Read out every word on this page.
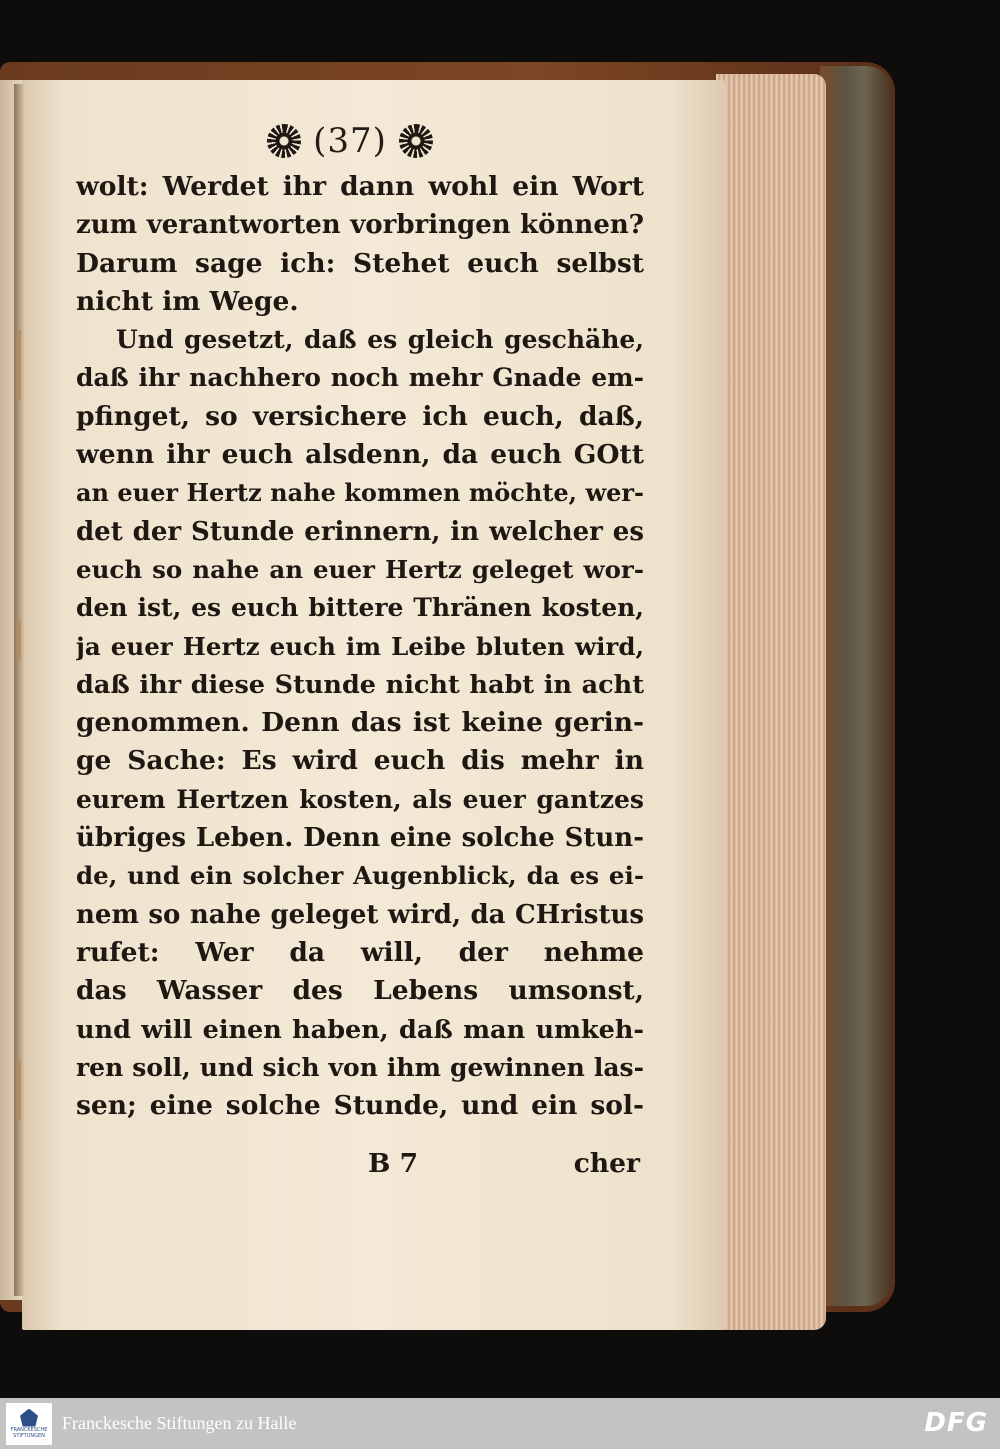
(37)
wolt: Werdet ihr dann wohl ein Wort
zum verantworten vorbringen können?
Darum sage ich: Stehet euch selbst
nicht im Wege.
Und gesetzt, daß es gleich geschähe,
daß ihr nachhero noch mehr Gnade em-
pfinget, so versichere ich euch, daß,
wenn ihr euch alsdenn, da euch GOtt
an euer Hertz nahe kommen möchte, wer-
det der Stunde erinnern, in welcher es
euch so nahe an euer Hertz geleget wor-
den ist, es euch bittere Thränen kosten,
ja euer Hertz euch im Leibe bluten wird,
daß ihr diese Stunde nicht habt in acht
genommen. Denn das ist keine gerin-
ge Sache: Es wird euch dis mehr in
eurem Hertzen kosten, als euer gantzes
übriges Leben. Denn eine solche Stun-
de, und ein solcher Augenblick, da es ei-
nem so nahe geleget wird, da CHristus
rufet: Wer da will, der nehme
das Wasser des Lebens umsonst,
und will einen haben, daß man umkeh-
ren soll, und sich von ihm gewinnen las-
sen; eine solche Stunde, und ein sol-
B 7	cher
FRANCKESCHE STIFTUNGEN
Franckesche Stiftungen zu Halle	DFG
